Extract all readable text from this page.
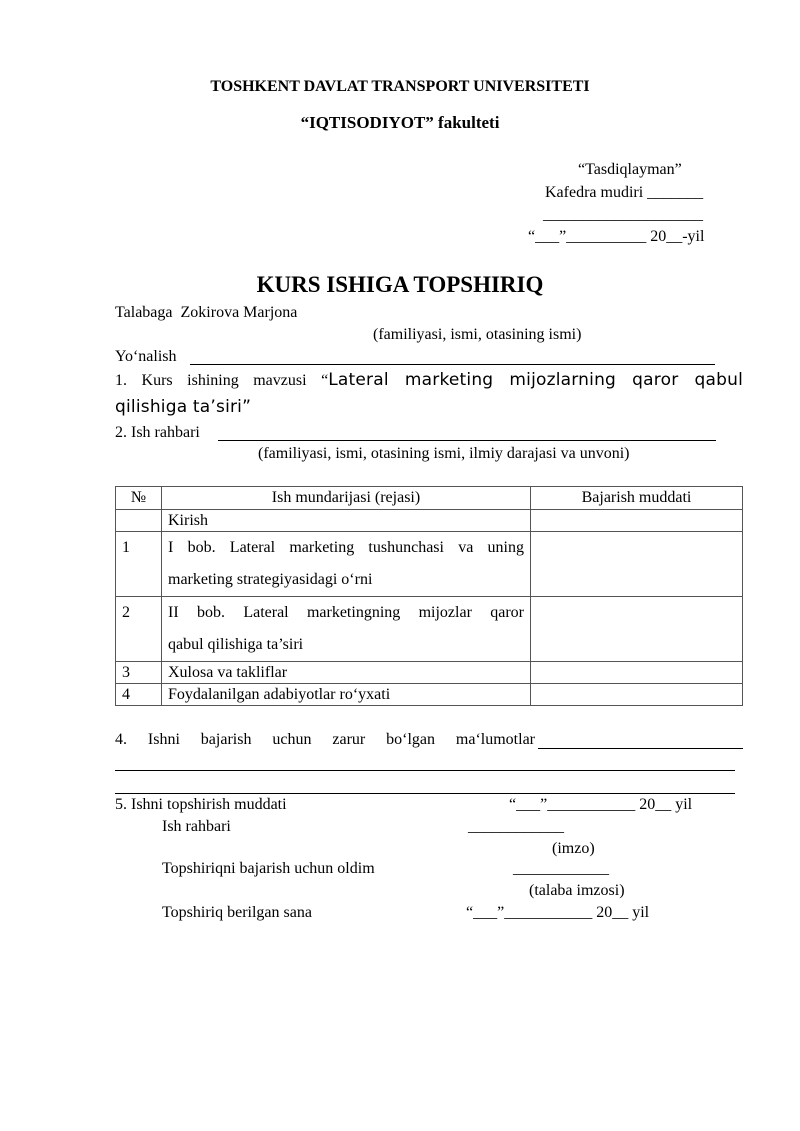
TOSHKENT DAVLAT TRANSPORT UNIVERSITETI
“IQTISODIYOT” fakulteti
“Tasdiqlayman”
Kafedra mudiri _______
____________________
“___”__________ 20__-yil
KURS ISHIGA TOPSHIRIQ
Talabaga Zokirova Marjona
(familiyasi, ismi, otasining ismi)
Yo‘nalish
1. Kurs ishining mavzusi “Lateral marketing mijozlarning qaror qabul
qilishiga ta’siri”
2. Ish rahbari
(familiyasi, ismi, otasining ismi, ilmiy darajasi va unvoni)
№	Ish mundarijasi (rejasi)	Bajarish muddati
	Kirish	
1	I bob. Lateral marketing tushunchasi va uning
marketing strategiyasidagi o‘rni	

2	II bob. Lateral marketingning mijozlar qaror
qabul qilishiga ta’siri	

3	Xulosa va takliflar	
4	Foydalanilgan adabiyotlar ro‘yxati	
4. Ishni bajarish uchun zarur bo‘lgan ma‘lumotlar
5. Ishni topshirish muddati	“___”___________ 20__ yil
Ish rahbari	____________
(imzo)
Topshiriqni bajarish uchun oldim	____________
(talaba imzosi)
Topshiriq berilgan sana	“___”___________ 20__ yil
